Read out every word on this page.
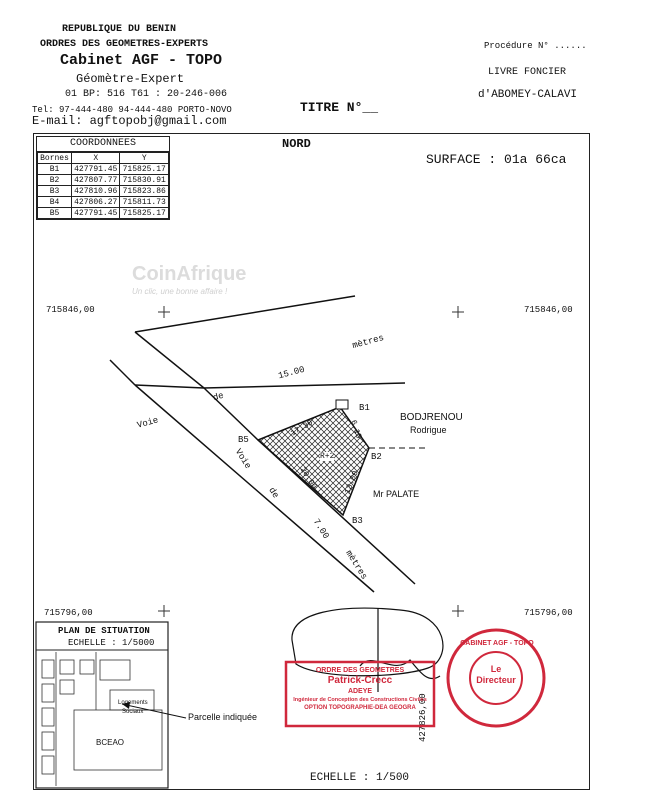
REPUBLIQUE DU BENIN
ORDRES DES GEOMETRES-EXPERTS
Cabinet AGF - TOPO
Géomètre-Expert
01 BP: 516 T61 : 20-246-006
Tel: 97-444-480 94-444-480 PORTO-NOVO
E-mail: agftopobj@gmail.com
Procédure N° ......
LIVRE FONCIER
d'ABOMEY-CALAVI
TITRE N°__
COORDONNEES
Bornes	X	Y
B1	427791.45	715825.17
B2	427807.77	715830.91
B3	427810.96	715823.86
B4	427806.27	715811.73
B5	427791.45	715825.17
NORD
SURFACE : 01a 66ca
CoinAfrique
Un clic, une bonne affaire !
715846,00	715846,00
715796,00	715796,00
427826,00
Voie
de
15.00
mètres
Voie
de
7.00
mètres
17.30	6.15
20.00	13.00
R+2
B1
B2
B3
B5
BODJRENOU
Rodrigue
Mr PALATE
PLAN DE SITUATION
ECHELLE : 1/5000
Logements
Sociaux
BCEAO
Parcelle indiquée
ORDRE DES GEOMETRES
Patrick-Crecc
ADEYE
Ingénieur de Conception des Constructions Civiles
OPTION TOPOGRAPHIE-DEA GEOGRA
CABINET AGF - TOPO
Le
Directeur
ECHELLE : 1/500
